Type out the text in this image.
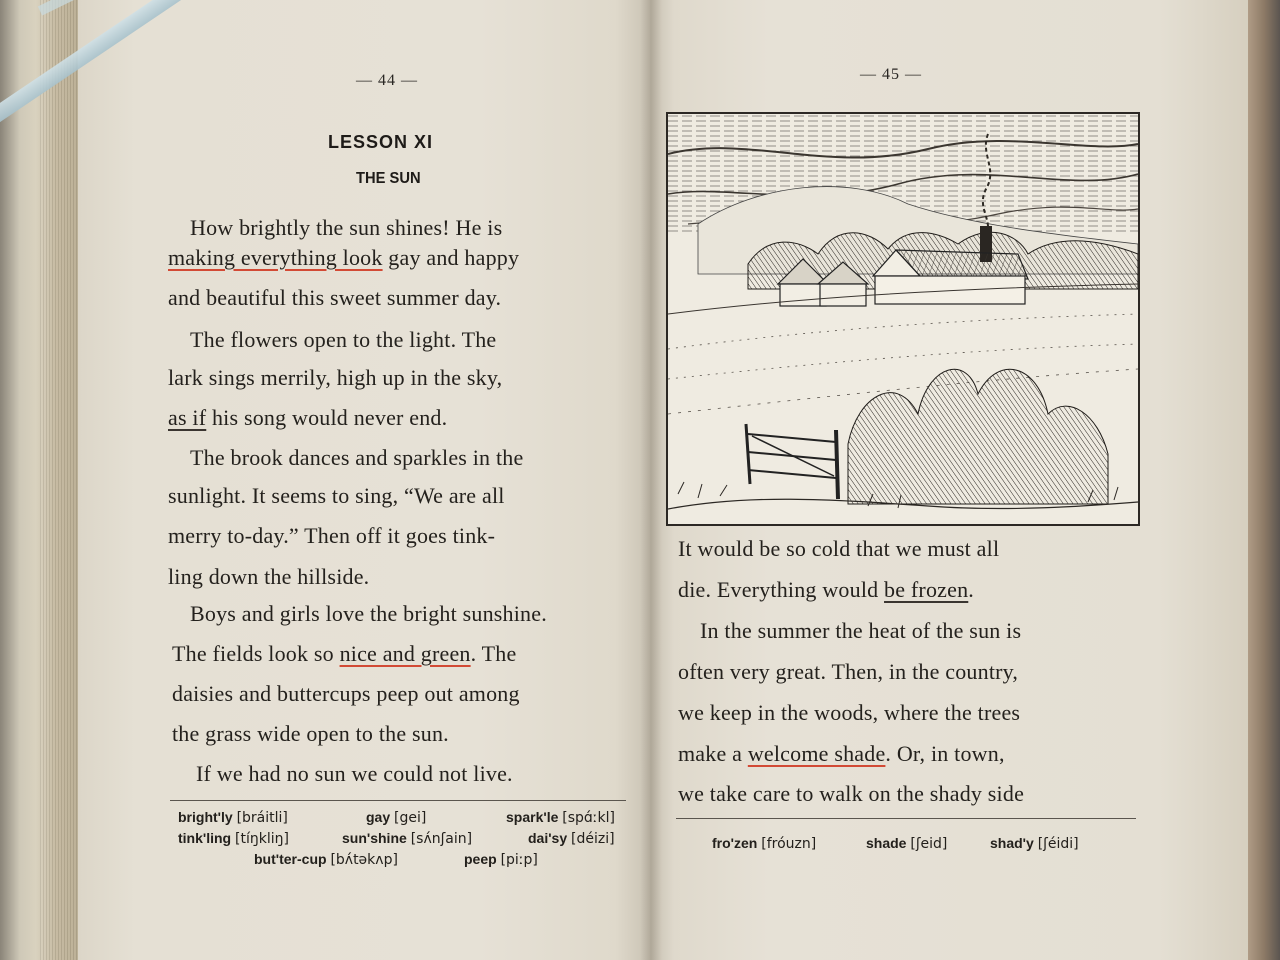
— 44 —
LESSON XI
THE SUN
How brightly the sun shines! He is
making everything look gay and happy
and beautiful this sweet summer day.
The flowers open to the light. The
lark sings merrily, high up in the sky,
as if his song would never end.
The brook dances and sparkles in the
sunlight. It seems to sing, “We are all
merry to-day.” Then off it goes tink-
ling down the hillside.
Boys and girls love the bright sunshine.
The fields look so nice and green. The
daisies and buttercups peep out among
the grass wide open to the sun.
If we had no sun we could not live.
bright'ly [bráitli]	gay [gei]	spark'le [spɑ́ːkl]
tink'ling [tíŋkliŋ]	sun'shine [sʌ́nʃain]	dai'sy [déizi]
but'ter-cup [bʌ́təkʌp]	peep [piːp]
— 45 —
It would be so cold that we must all
die. Everything would be frozen.
In the summer the heat of the sun is
often very great. Then, in the country,
we keep in the woods, where the trees
make a welcome shade. Or, in town,
we take care to walk on the shady side
fro'zen [fróuzn]	shade [ʃeid]	shad'y [ʃéidi]
